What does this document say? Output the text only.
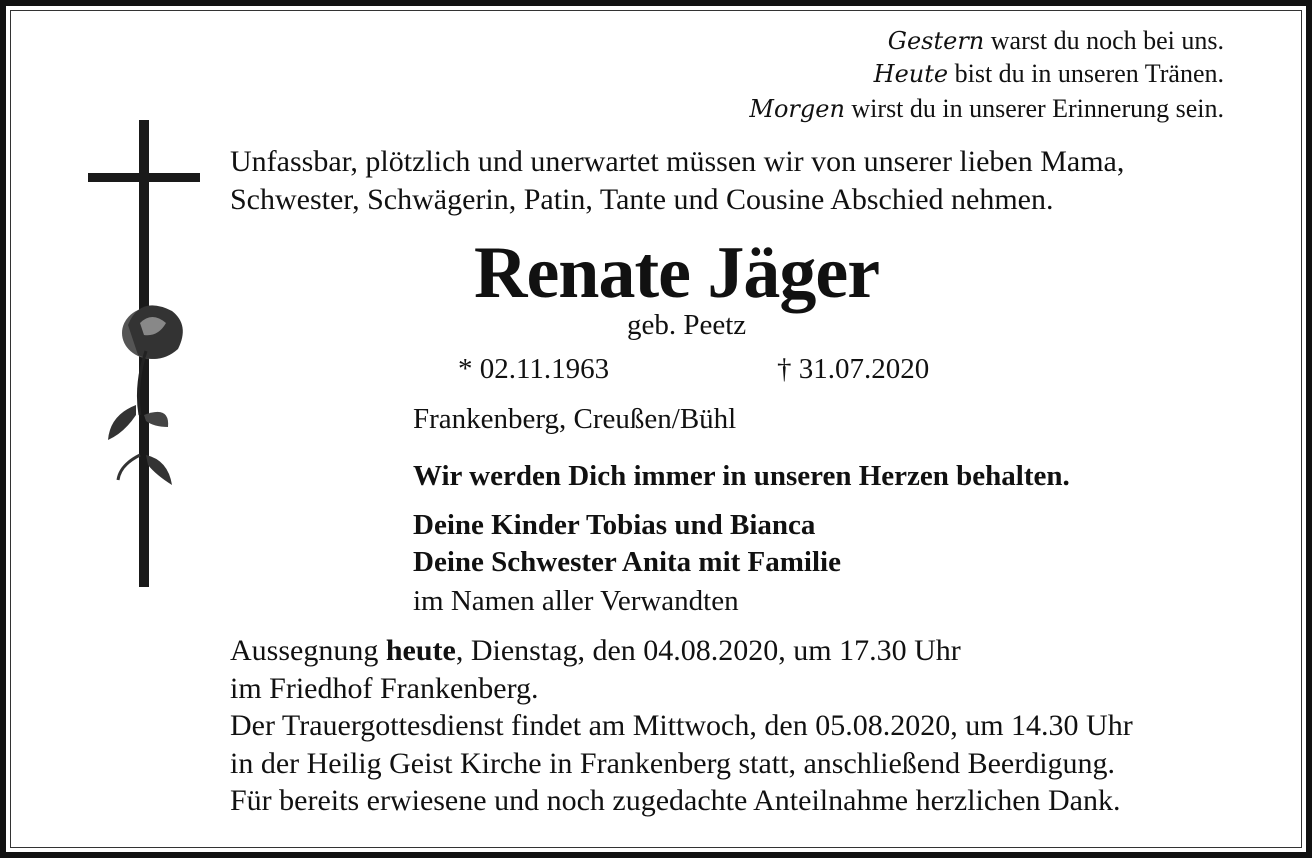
Gestern warst du noch bei uns.
Heute bist du in unseren Tränen.
Morgen wirst du in unserer Erinnerung sein.
Unfassbar, plötzlich und unerwartet müssen wir von unserer lieben Mama,
Schwester, Schwägerin, Patin, Tante und Cousine Abschied nehmen.
Renate Jäger
geb. Peetz
* 02.11.1963	† 31.07.2020
Frankenberg, Creußen/Bühl
Wir werden Dich immer in unseren Herzen behalten.
Deine Kinder Tobias und Bianca
Deine Schwester Anita mit Familie
im Namen aller Verwandten
Aussegnung heute, Dienstag, den 04.08.2020, um 17.30 Uhr
im Friedhof Frankenberg.
Der Trauergottesdienst findet am Mittwoch, den 05.08.2020, um 14.30 Uhr
in der Heilig Geist Kirche in Frankenberg statt, anschließend Beerdigung.
Für bereits erwiesene und noch zugedachte Anteilnahme herzlichen Dank.
